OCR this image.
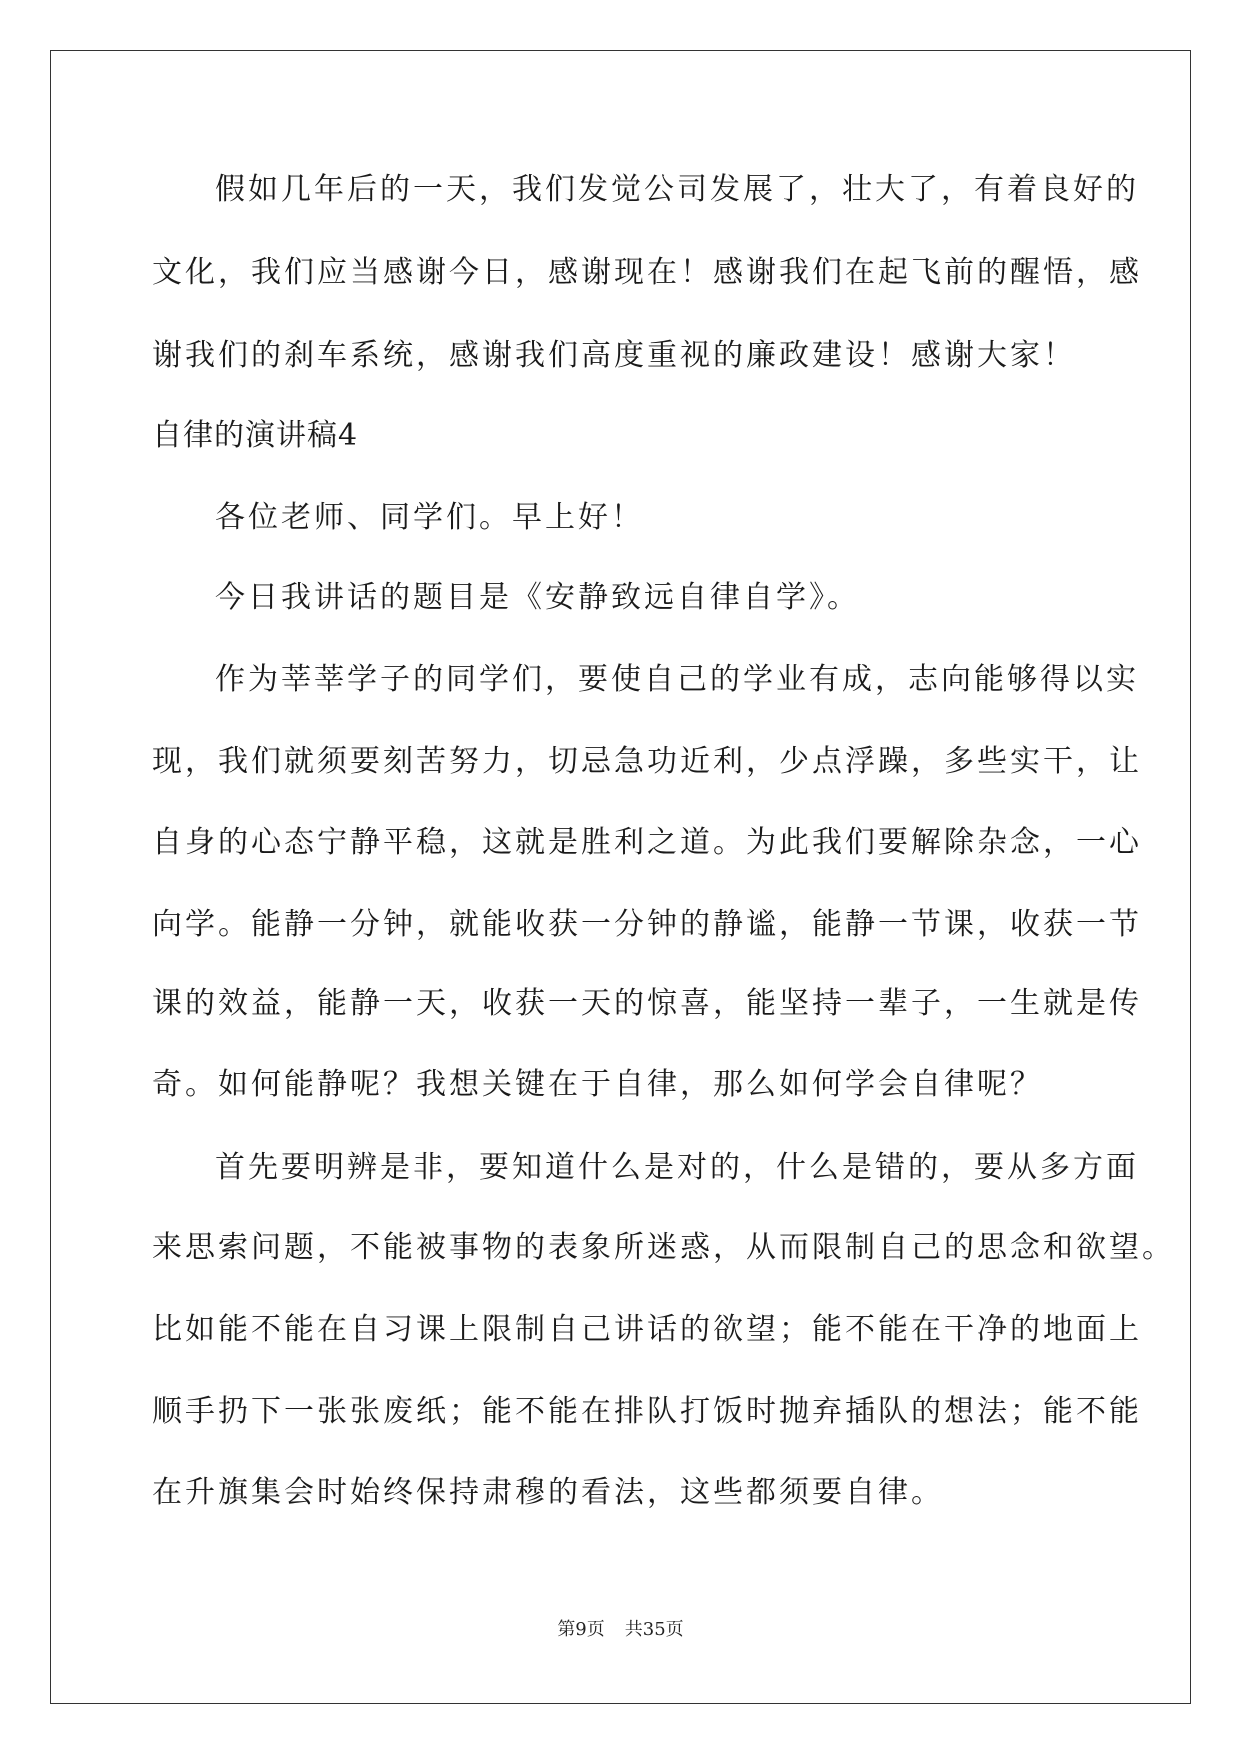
假如几年后的一天，我们发觉公司发展了，壮大了，有着良好的
文化，我们应当感谢今日，感谢现在！感谢我们在起飞前的醒悟，感
谢我们的刹车系统，感谢我们高度重视的廉政建设！感谢大家！
自律的演讲稿4
各位老师、同学们。早上好！
今日我讲话的题目是《安静致远自律自学》。
作为莘莘学子的同学们，要使自己的学业有成，志向能够得以实
现，我们就须要刻苦努力，切忌急功近利，少点浮躁，多些实干，让
自身的心态宁静平稳，这就是胜利之道。为此我们要解除杂念，一心
向学。能静一分钟，就能收获一分钟的静谧，能静一节课，收获一节
课的效益，能静一天，收获一天的惊喜，能坚持一辈子，一生就是传
奇。如何能静呢？我想关键在于自律，那么如何学会自律呢？
首先要明辨是非，要知道什么是对的，什么是错的，要从多方面
来思索问题，不能被事物的表象所迷惑，从而限制自己的思念和欲望。
比如能不能在自习课上限制自己讲话的欲望；能不能在干净的地面上
顺手扔下一张张废纸；能不能在排队打饭时抛弃插队的想法；能不能
在升旗集会时始终保持肃穆的看法，这些都须要自律。
第9页 共35页
